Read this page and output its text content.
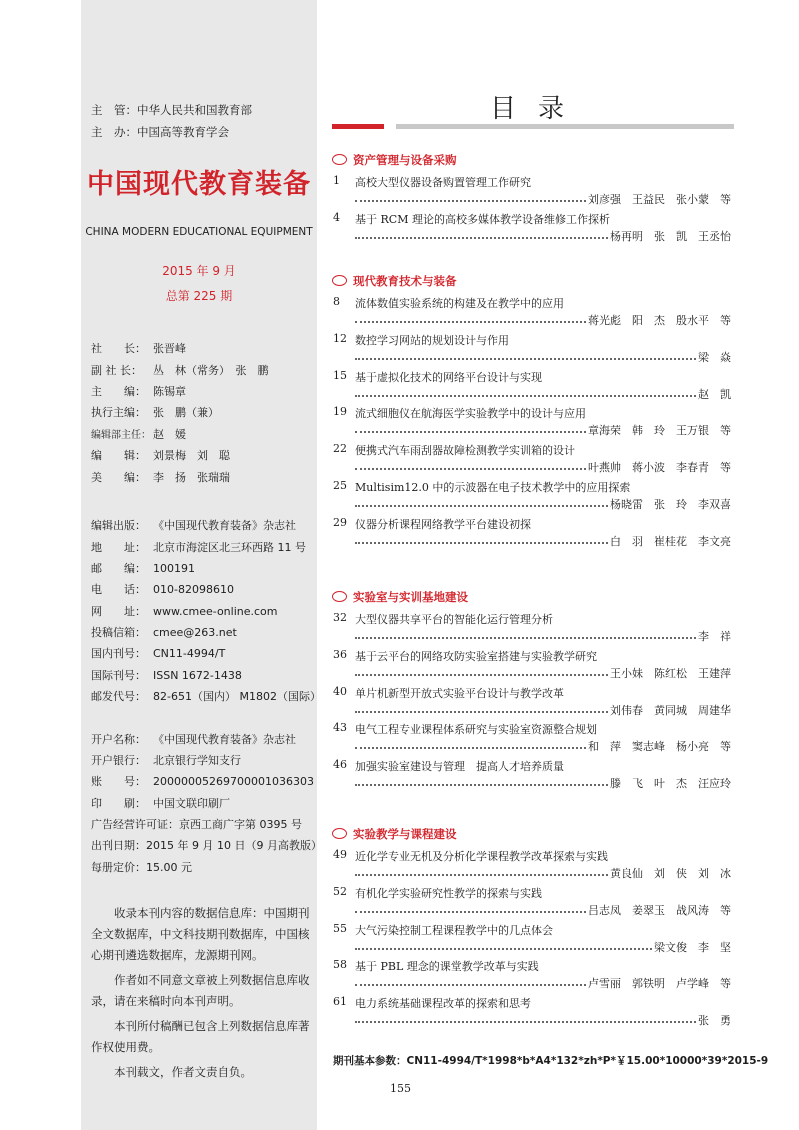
主　管：中华人民共和国教育部
主　办：中国高等教育学会
中国现代教育装备
CHINA MODERN EDUCATIONAL EQUIPMENT
2015 年 9 月
总第 225 期
社　　长： 张晋峰
副 社 长： 丛　林（常务）　张　鹏
主　　编： 陈锡章
执行主编： 张　鹏（兼）
编辑部主任： 赵　媛
编　　辑： 刘景梅　刘　聪
美　　编： 李　扬　张瑞瑞
编辑出版： 《中国现代教育装备》杂志社
地　　址： 北京市海淀区北三环西路 11 号
邮　　编： 100191
电　　话： 010-82098610
网　　址： www.cmee-online.com
投稿信箱： cmee@263.net
国内刊号： CN11-4994/T
国际刊号： ISSN 1672-1438
邮发代号： 82-651（国内） M1802（国际）
开户名称： 《中国现代教育装备》杂志社
开户银行： 北京银行学知支行
账　　号： 20000005269700001036303
印　　刷： 中国文联印刷厂
广告经营许可证：京西工商广字第 0395 号
出刊日期：2015 年 9 月 10 日（9 月高教版）
每册定价：15.00 元

收录本刊内容的数据信息库：中国期刊全文数据库，中文科技期刊数据库，中国核心期刊遴选数据库，龙源期刊网。

作者如不同意文章被上列数据信息库收录，请在来稿时向本刊声明。

本刊所付稿酬已包含上列数据信息库著作权使用费。

本刊载文，作者文责自负。

目录
资产管理与设备采购
1	高校大型仪器设备购置管理工作研究
刘彦强　王益民　张小蒙　等
4	基于 RCM 理论的高校多媒体教学设备维修工作探析
杨再明　张　凯　王丞怡
现代教育技术与装备
8	流体数值实验系统的构建及在教学中的应用
蒋光彪　阳　杰　殷水平　等
12 数控学习网站的规划设计与作用
梁　焱
15 基于虚拟化技术的网络平台设计与实现
赵　凯
19 流式细胞仪在航海医学实验教学中的设计与应用
章海荣　韩　玲　王万银　等
22 便携式汽车雨刮器故障检测教学实训箱的设计
叶燕帅　蒋小波　李春青　等
25 Multisim12.0 中的示波器在电子技术教学中的应用探索
杨晓雷　张　玲　李双喜
29 仪器分析课程网络教学平台建设初探
白　羽　崔桂花　李文亮
实验室与实训基地建设
32 大型仪器共享平台的智能化运行管理分析
李　祥
36 基于云平台的网络攻防实验室搭建与实验教学研究
王小妹　陈红松　王建萍
40 单片机新型开放式实验平台设计与教学改革
刘伟春　黄同城　周建华
43 电气工程专业课程体系研究与实验室资源整合规划
和　萍　窦志峰　杨小亮　等
46 加强实验室建设与管理　提高人才培养质量
滕　飞　叶　杰　汪应玲
实验教学与课程建设
49 近化学专业无机及分析化学课程教学改革探索与实践
黄良仙　刘　侠　刘　冰
52 有机化学实验研究性教学的探索与实践
吕志凤　姜翠玉　战风涛　等
55 大气污染控制工程课程教学中的几点体会
梁文俊　李　坚
58 基于 PBL 理念的课堂教学改革与实践
卢雪丽　郭铁明　卢学峰　等
61 电力系统基础课程改革的探索和思考
张　勇
期刊基本参数：CN11-4994/T*1998*b*A4*132*zh*P*￥15.00*10000*39*2015-9
155
